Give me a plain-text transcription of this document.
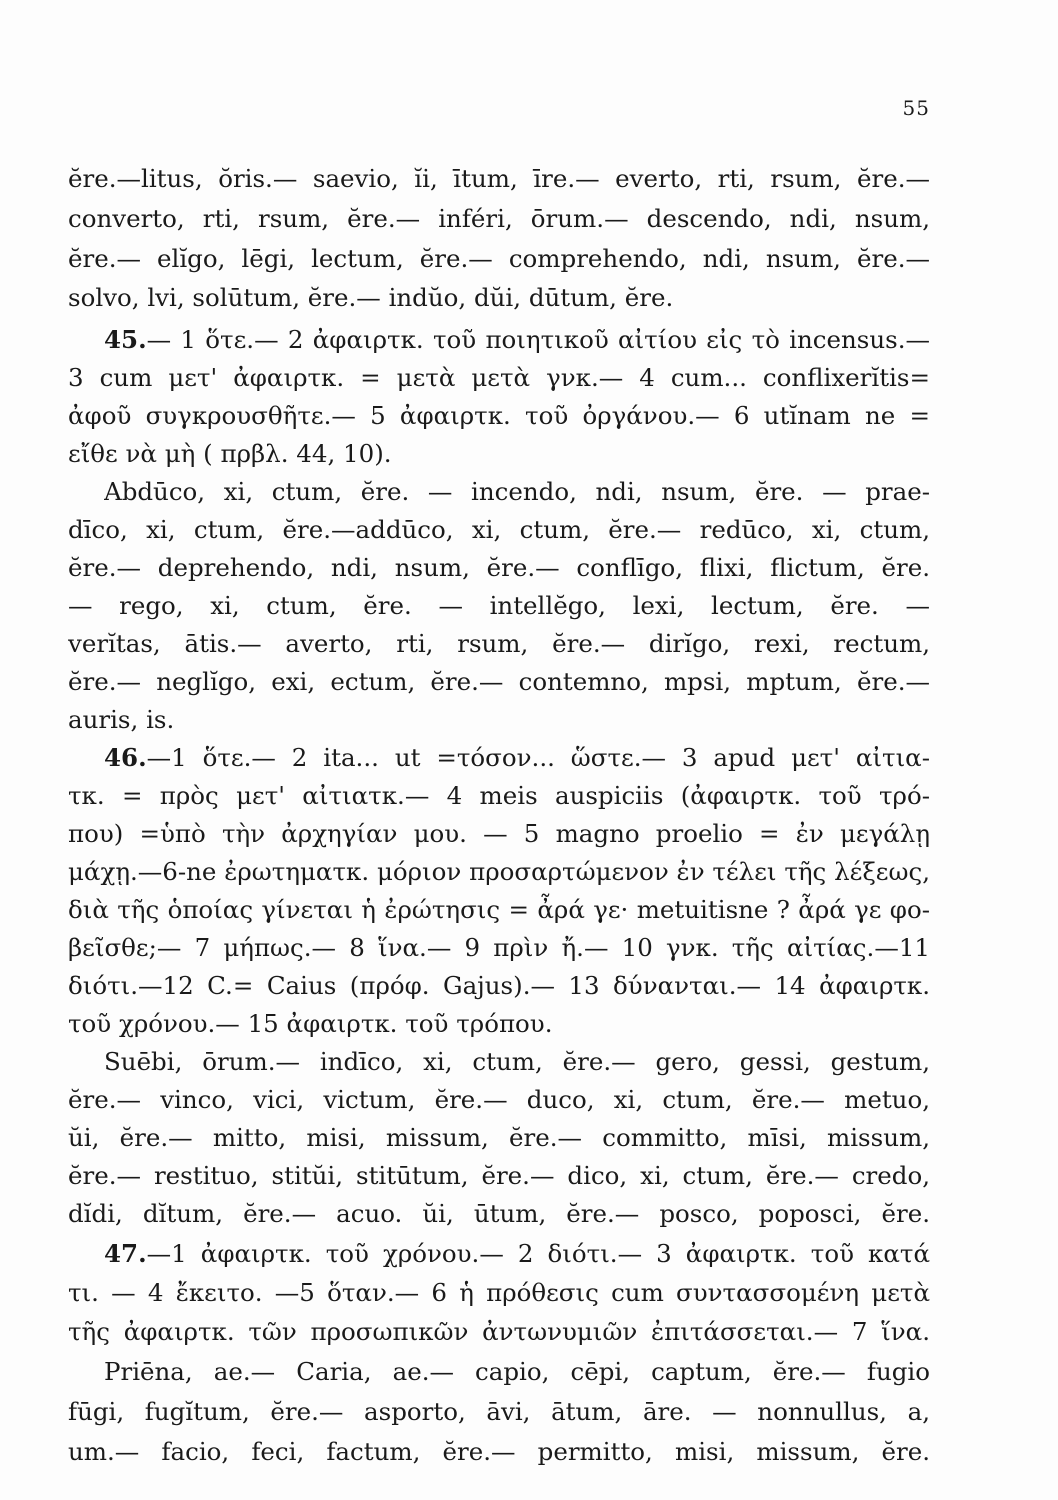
55
ĕre.—litus, ŏris.— saevio, ĭi, ītum, īre.— everto, rti, rsum, ĕre.—
converto, rti, rsum, ĕre.— inféri, ōrum.— descendo, ndi, nsum,
ĕre.— elĭgo, lēgi, lectum, ĕre.— comprehendo, ndi, nsum, ĕre.—
solvo, lvi, solūtum, ĕre.— indŭo, dŭi, dūtum, ĕre.
45.— 1 ὅτε.— 2 ἀφαιρτκ. τοῦ ποιητικοῦ αἰτίου εἰς τὸ incensus.—
3 cum μετ' ἀφαιρτκ. = μετὰ μετὰ γνκ.— 4 cum... conflixerĭtis=
ἀφοῦ συγκρουσθῆτε.— 5 ἀφαιρτκ. τοῦ ὀργάνου.— 6 utĭnam ne =
εἴθε νὰ μὴ ( πρβλ. 44, 10).
Abdūco, xi, ctum, ĕre. — incendo, ndi, nsum, ĕre. — prae-
dīco, xi, ctum, ĕre.—addūco, xi, ctum, ĕre.— redūco, xi, ctum,
ĕre.— deprehendo, ndi, nsum, ĕre.— conflīgo, flixi, flictum, ĕre.
— rego, xi, ctum, ĕre. — intellĕgo, lexi, lectum, ĕre. —
verĭtas, ātis.— averto, rti, rsum, ĕre.— dirĭgo, rexi, rectum,
ĕre.— neglĭgo, exi, ectum, ĕre.— contemno, mpsi, mptum, ĕre.—
auris, is.
46.—1 ὅτε.— 2 ita... ut =τόσον... ὥστε.— 3 apud μετ' αἰτια-
τκ. = πρὸς μετ' αἰτιατκ.— 4 meis auspiciis (ἀφαιρτκ. τοῦ τρό-
που) =ὑπὸ τὴν ἀρχηγίαν μου. — 5 magno proelio = ἐν μεγάλῃ
μάχῃ.—6-ne ἐρωτηματκ. μόριον προσαρτώμενον ἐν τέλει τῆς λέξεως,
διὰ τῆς ὁποίας γίνεται ἡ ἐρώτησις = ἆρά γε· metuitisne ? ἆρά γε φο-
βεῖσθε;— 7 μήπως.— 8 ἵνα.— 9 πρὶν ἤ.— 10 γνκ. τῆς αἰτίας.—11
διότι.—12 C.= Caius (πρόφ. Gajus).— 13 δύνανται.— 14 ἀφαιρτκ.
τοῦ χρόνου.— 15 ἀφαιρτκ. τοῦ τρόπου.
Suēbi, ōrum.— indīco, xi, ctum, ĕre.— gero, gessi, gestum,
ĕre.— vinco, vici, victum, ĕre.— duco, xi, ctum, ĕre.— metuo,
ŭi, ĕre.— mitto, misi, missum, ĕre.— committo, mīsi, missum,
ĕre.— restituo, stitŭi, stitūtum, ĕre.— dico, xi, ctum, ĕre.— credo,
dĭdi, dĭtum, ĕre.— acuo. ŭi, ūtum, ĕre.— posco, poposci, ĕre.
47.—1 ἀφαιρτκ. τοῦ χρόνου.— 2 διότι.— 3 ἀφαιρτκ. τοῦ κατά
τι. — 4 ἔκειτο. —5 ὅταν.— 6 ἡ πρόθεσις cum συντασσομένη μετὰ
τῆς ἀφαιρτκ. τῶν προσωπικῶν ἀντωνυμιῶν ἐπιτάσσεται.— 7 ἵνα.
Priēna, ae.— Caria, ae.— capio, cēpi, captum, ĕre.— fugio
fūgi, fugĭtum, ĕre.— asporto, āvi, ātum, āre. — nonnullus, a,
um.— facio, feci, factum, ĕre.— permitto, misi, missum, ĕre.
